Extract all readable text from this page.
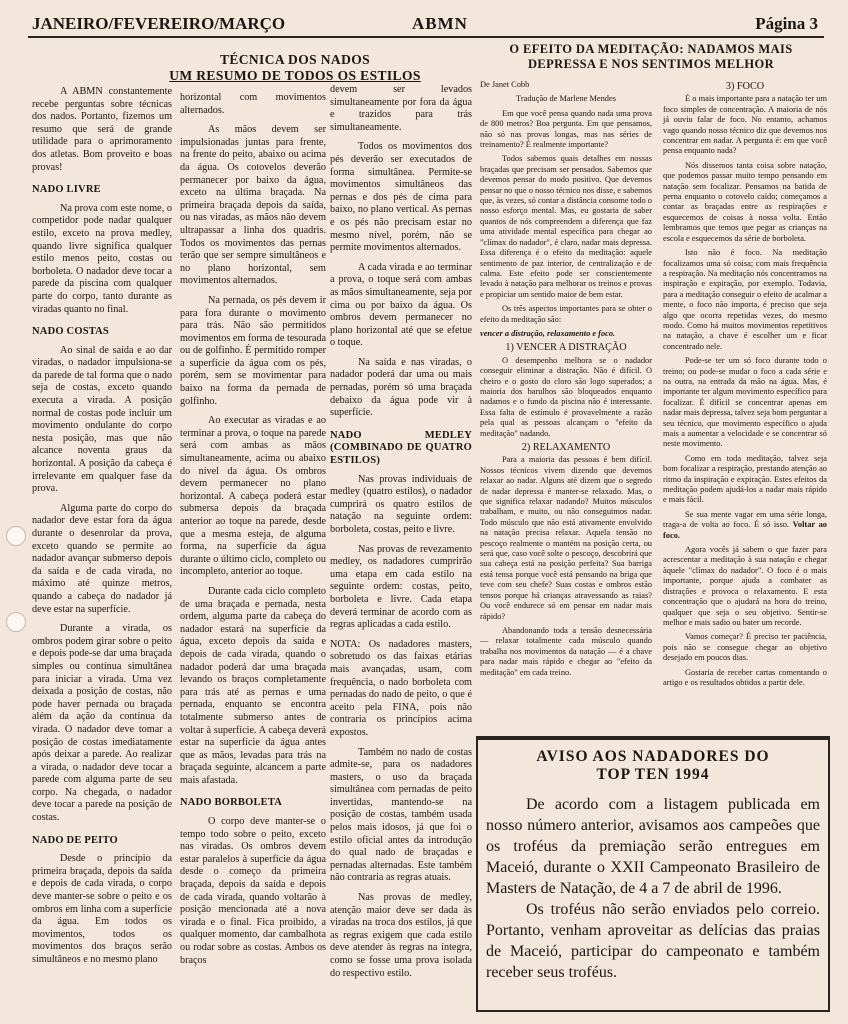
JANEIRO/FEVEREIRO/MARÇO	ABMN	Página 3
TÉCNICA DOS NADOS
UM RESUMO DE TODOS OS ESTILOS

A ABMN constantemente recebe perguntas sobre técnicas dos nados. Portanto, fizemos um resumo que será de grande utilidade para o aprimoramento dos atletas. Bom proveito e boas provas!

NADO LIVRE

Na prova com este nome, o competidor pode nadar qualquer estilo, exceto na prova medley, quando livre significa qualquer estilo menos peito, costas ou borboleta. O nadador deve tocar a parede da piscina com qualquer parte do corpo, tanto durante as viradas quanto no final.

NADO COSTAS

Ao sinal de saída e ao dar viradas, o nadador impulsiona-se da parede de tal forma que o nado seja de costas, exceto quando executa a virada. A posição normal de costas pode incluir um movimento ondulante do corpo nesta posição, mas que não alcance noventa graus da horizontal. A posição da cabeça é irrelevante em qualquer fase da prova.

Alguma parte do corpo do nadador deve estar fora da água durante o desenrolar da prova, exceto quando se permite ao nadador avançar submerso depois da saída e de cada virada, no máximo até quinze metros, quando a cabeça do nadador já deve estar na superfície.

Durante a virada, os ombros podem girar sobre o peito e depois pode-se dar uma braçada simples ou contínua simultânea para iniciar a virada. Uma vez deixada a posição de costas, não pode haver pernada ou braçada além da ação da contínua da virada. O nadador deve tomar a posição de costas imediatamente após deixar a parede. Ao realizar a virada, o nadador deve tocar a parede com alguma parte de seu corpo. Na chegada, o nadador deve tocar a parede na posição de costas.

NADO DE PEITO

Desde o princípio da primeira braçada, depois da saída e depois de cada virada, o corpo deve manter-se sobre o peito e os ombros em linha com a superfície da água. Em todos os movimentos, todos os movimentos dos braços serão simultâneos e no mesmo plano

horizontal com movimentos alternados.

As mãos devem ser impulsionadas juntas para frente, na frente do peito, abaixo ou acima da água. Os cotovelos deverão permanecer por baixo da água, exceto na última braçada. Na primeira braçada depois da saída, ou nas viradas, as mãos não devem ultrapassar a linha dos quadris. Todos os movimentos das pernas terão que ser sempre simultâneos e no plano horizontal, sem movimentos alternados.

Na pernada, os pés devem ir para fora durante o movimento para trás. Não são permitidos movimentos em forma de tesourada ou de golfinho. É permitido romper a superfície da água com os pés, porém, sem se movimentar para baixo na forma da pernada de golfinho.

Ao executar as viradas e ao terminar a prova, o toque na parede será com ambas as mãos simultaneamente, acima ou abaixo do nível da água. Os ombros devem permanecer no plano horizontal. A cabeça poderá estar submersa depois da braçada anterior ao toque na parede, desde que a mesma esteja, de alguma forma, na superfície da água durante o último ciclo, completo ou incompleto, anterior ao toque.

Durante cada ciclo completo de uma braçada e pernada, nesta ordem, alguma parte da cabeça do nadador estará na superfície da água, exceto depois da saída e depois de cada virada, quando o nadador poderá dar uma braçada levando os braços completamente para trás até as pernas e uma pernada, enquanto se encontra totalmente submerso antes de voltar à superfície. A cabeça deverá estar na superfície da água antes que as mãos, levadas para trás na braçada seguinte, alcancem a parte mais afastada.

NADO BORBOLETA

O corpo deve manter-se o tempo todo sobre o peito, exceto nas viradas. Os ombros devem estar paralelos à superfície da água desde o começo da primeira braçada, depois da saída e depois de cada virada, quando voltarão à posição mencionada até a nova virada e o final. Fica proibido, a qualquer momento, dar cambalhota ou rodar sobre as costas. Ambos os braços

devem ser levados simultaneamente por fora da água e trazidos para trás simultaneamente.

Todos os movimentos dos pés deverão ser executados de forma simultânea. Permite-se movimentos simultâneos das pernas e dos pés de cima para baixo, no plano vertical. As pernas e os pés não precisam estar no mesmo nível, porém, não se permite movimentos alternados.

A cada virada e ao terminar a prova, o toque será com ambas as mãos simultaneamente, seja por cima ou por baixo da água. Os ombros devem permanecer no plano horizontal até que se efetue o toque.

Na saída e nas viradas, o nadador poderá dar uma ou mais pernadas, porém só uma braçada debaixo da água pode vir à superfície.

NADO MEDLEY (COMBINADO DE QUATRO ESTILOS)

Nas provas individuais de medley (quatro estilos), o nadador cumprirá os quatro estilos de natação na seguinte ordem: borboleta, costas, peito e livre.

Nas provas de revezamento medley, os nadadores cumprirão uma etapa em cada estilo na seguinte ordem: costas, peito, borboleta e livre. Cada etapa deverá terminar de acordo com as regras aplicadas a cada estilo.

NOTA: Os nadadores masters, sobretudo os das faixas etárias mais avançadas, usam, com frequência, o nado borboleta com pernadas do nado de peito, o que é aceito pela FINA, pois não contraria os princípios acima expostos.

Também no nado de costas admite-se, para os nadadores masters, o uso da braçada simultânea com pernadas de peito invertidas, mantendo-se na posição de costas, também usada pelos mais idosos, já que foi o estilo oficial antes da introdução do qual nado de braçadas e pernadas alternadas. Este também não contraria as regras atuais.

Nas provas de medley, atenção maior deve ser dada às viradas na troca dos estilos, já que as regras exigem que cada estilo deve atender às regras na íntegra, como se fosse uma prova isolada do respectivo estilo.

O EFEITO DA MEDITAÇÃO: NADAMOS MAIS
DEPRESSA E NOS SENTIMOS MELHOR

De Janet Cobb

Tradução de Marlene Mendes

Em que você pensa quando nada uma prova de 800 metros? Boa pergunta. Em que pensamos, não só nas provas longas, mas nas séries de treinamento? É realmente importante?

Todos sabemos quais detalhes em nossas braçadas que precisam ser pensados. Sabemos que devemos pensar do modo positivo. Que devemos pensar no que o nosso técnico nos disse, e sabemos que, às vezes, só contar a distância consome todo o nosso esforço mental. Mas, eu gostaria de saber quantos de nós compreendem a diferença que faz uma atividade mental específica para chegar ao "clímax do nadador", é claro, nadar mais depressa. Essa diferença é o efeito da meditação: aquele sentimento de paz interior, de centralização e de calma. Este efeito pode ser conscientemente levado à natação para melhorar os treinos e provas e propiciar um sentido maior de bem estar.

Os três aspectos importantes para se obter o efeito da meditação são:

vencer a distração, relaxamento e foco.

1) VENCER A DISTRAÇÃO

O desempenho melhora se o nadador conseguir eliminar a distração. Não é difícil. O cheiro e o gosto do cloro são logo superados; a maioria dos barulhos são bloqueados enquanto nadamos e o fundo da piscina não é interessante. Essa falta de estímulo é provavelmente a razão pela qual as pessoas alcançam o "efeito da meditação" nadando.

2) RELAXAMENTO

Para a maioria das pessoas é bem difícil. Nossos técnicos vivem dizendo que devemos relaxar ao nadar. Alguns até dizem que o segredo de nadar depressa é manter-se relaxado. Mas, o que significa relaxar nadando? Muitos músculos trabalham, e muito, ou não conseguimos nadar. Todo músculo que não está ativamente envolvido na natação precisa relaxar. Aquela tensão no pescoço realmente o mantém na posição certa, ou será que, caso você solte o pescoço, descobrirá que sua cabeça está na posição perfeita? Sua barriga está tensa porque você está pensando na briga que teve com seu chefe? Suas costas e ombros estão tensos porque há crianças atravessando as raias? Ou você endurece só em pensar em nadar mais rápido?

Abandonando toda a tensão desnecessária — relaxar totalmente cada músculo quando trabalha nos movimentos da natação — é a chave para nadar mais rápido e chegar ao "efeito da meditação" em cada treino.

3) FOCO

É o mais importante para a natação ter um foco simples de concentração. A maioria de nós já ouviu falar de foco. No entanto, achamos vago quando nosso técnico diz que devemos nos concentrar em nadar. A pergunta é: em que você pensa enquanto nada?

Nós dissemos tanta coisa sobre natação, que podemos passar muito tempo pensando em natação sem focalizar. Pensamos na batida de perna enquanto o cotovelo caído; começamos a contar as braçadas entre as respirações e esquecemos de coisas à nossa volta. Então lembramos que temos que pegar as crianças na escola e esquecemos da série de borboleta.

Isto não é foco. Na meditação focalizamos uma só coisa; com mais frequência a respiração. Na meditação nós concentramos na inspiração e expiração, por exemplo. Todavia, para a meditação conseguir o efeito de acalmar a mente, o foco não importa, é preciso que seja algo que ocorra repetidas vezes, do mesmo modo. Como há muitos movimentos repetitivos na natação, a chave é escolher um e ficar concentrado nele.

Pode-se ter um só foco durante todo o treino; ou pode-se mudar o foco a cada série e na outra, na entrada da mão na água. Mas, é importante ter algum movimento específico para focalizar. É difícil se concentrar apenas em nadar mais depressa, talvez seja bom perguntar a seu técnico, que movimento específico o ajuda mais a aumentar a velocidade e se concentrar só neste movimento.

Como em toda meditação, talvez seja bom focalizar a respiração, prestando atenção ao ritmo da inspiração e expiração. Estes efeitos da meditação podem ajudá-los a nadar mais rápido e mais fácil.

Se sua mente vagar em uma série longa, traga-a de volta ao foco. É só isso. Voltar ao foco.

Agora vocês já sabem o que fazer para acrescentar a meditação à sua natação e chegar àquele "clímax do nadador". O foco é o mais importante, porque ajuda a combater as distrações e provoca o relaxamento. E esta concentração que o ajudará na hora do treino, qualquer que seja o seu objetivo. Sentir-se melhor e mais sadio ou bater um recorde.

Vamos começar? É preciso ter paciência, pois não se consegue chegar ao objetivo desejado em poucos dias.

Gostaria de receber cartas comentando o artigo e os resultados obtidos a partir dele.

AVISO AOS NADADORES DO
TOP TEN 1994

De acordo com a listagem publicada em nosso número anterior, avisamos aos campeões que os troféus da premiação serão entregues em Maceió, durante o XXII Campeonato Brasileiro de Masters de Natação, de 4 a 7 de abril de 1996.

Os troféus não serão enviados pelo correio. Portanto, venham aproveitar as delícias das praias de Maceió, participar do campeonato e também receber seus troféus.
